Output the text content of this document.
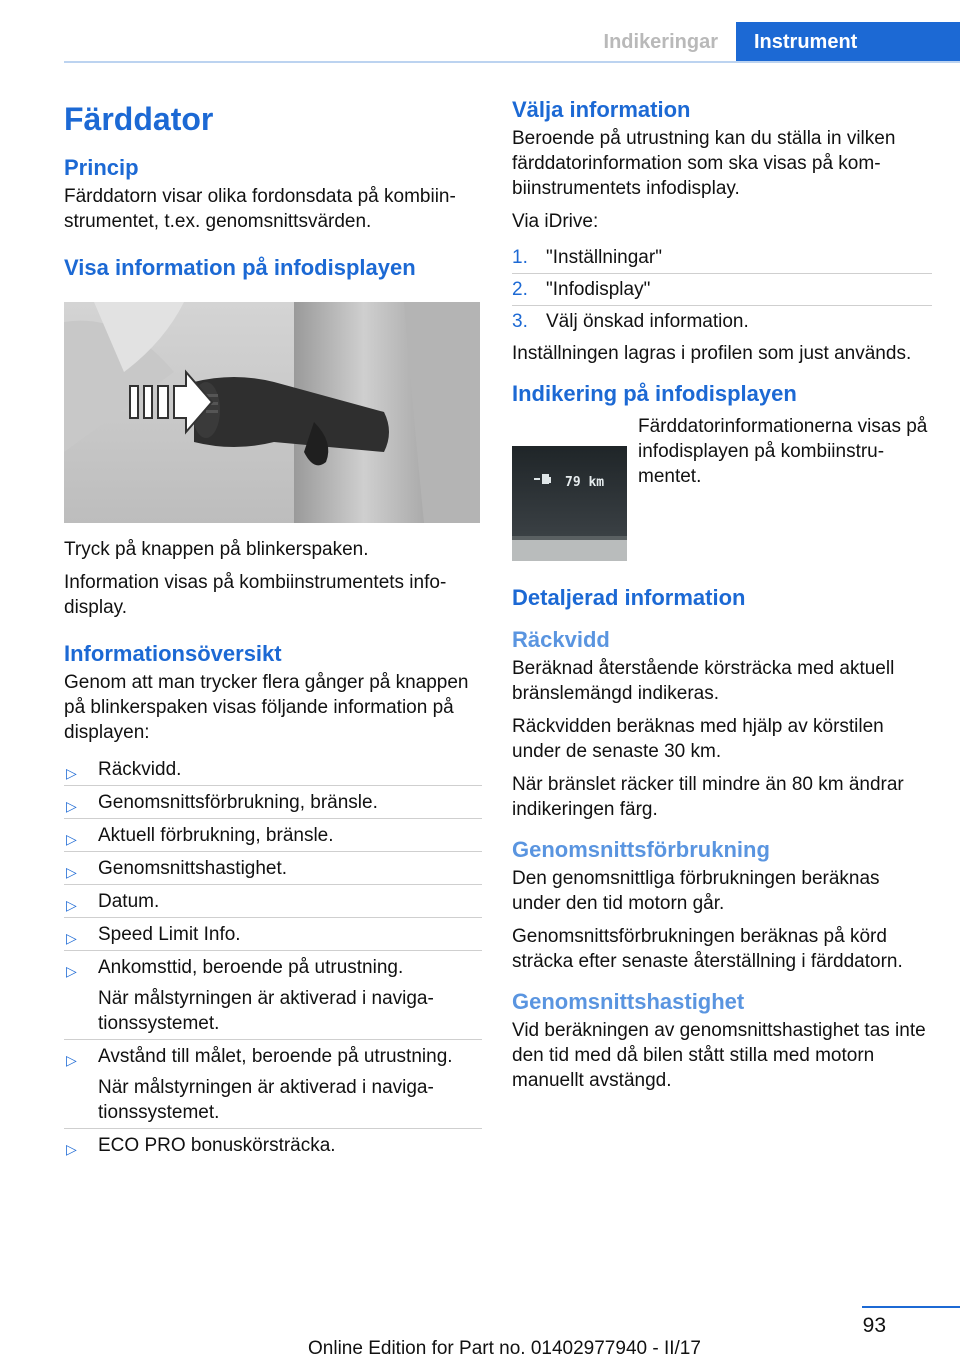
Indikeringar	Instrument
Färddator
Princip
Färddatorn visar olika fordonsdata på kombiinstrumentet, t.ex. genomsnittsvärden.
Visa information på infodisplayen
Tryck på knappen på blinkerspaken.
Information visas på kombiinstrumentets infodisplay.
Informationsöversikt
Genom att man trycker flera gånger på knappen på blinkerspaken visas följande information på displayen:
▷ Räckvidd.
▷ Genomsnittsförbrukning, bränsle.
▷ Aktuell förbrukning, bränsle.
▷ Genomsnittshastighet.
▷ Datum.
▷ Speed Limit Info.
▷ Ankomsttid, beroende på utrustning.
När målstyrningen är aktiverad i navigationssystemet.
▷ Avstånd till målet, beroende på utrustning.
När målstyrningen är aktiverad i navigationssystemet.
▷ ECO PRO bonuskörsträcka.
Välja information
Beroende på utrustning kan du ställa in vilken färddatorinformation som ska visas på kombiinstrumentets infodisplay.
Via iDrive:
1. "Inställningar"
2. "Infodisplay"
3. Välj önskad information.
Inställningen lagras i profilen som just används.
Indikering på infodisplayen
79 km
Färddatorinformationerna visas på infodisplayen på kombiinstrumentet.
Detaljerad information
Räckvidd
Beräknad återstående körsträcka med aktuell bränslemängd indikeras.
Räckvidden beräknas med hjälp av körstilen under de senaste 30 km.
När bränslet räcker till mindre än 80 km ändrar indikeringen färg.
Genomsnittsförbrukning
Den genomsnittliga förbrukningen beräknas under den tid motorn går.
Genomsnittsförbrukningen beräknas på körd sträcka efter senaste återställning i färddatorn.
Genomsnittshastighet
Vid beräkningen av genomsnittshastighet tas inte den tid med då bilen stått stilla med motorn manuellt avstängd.
93
Online Edition for Part no. 01402977940 - II/17
